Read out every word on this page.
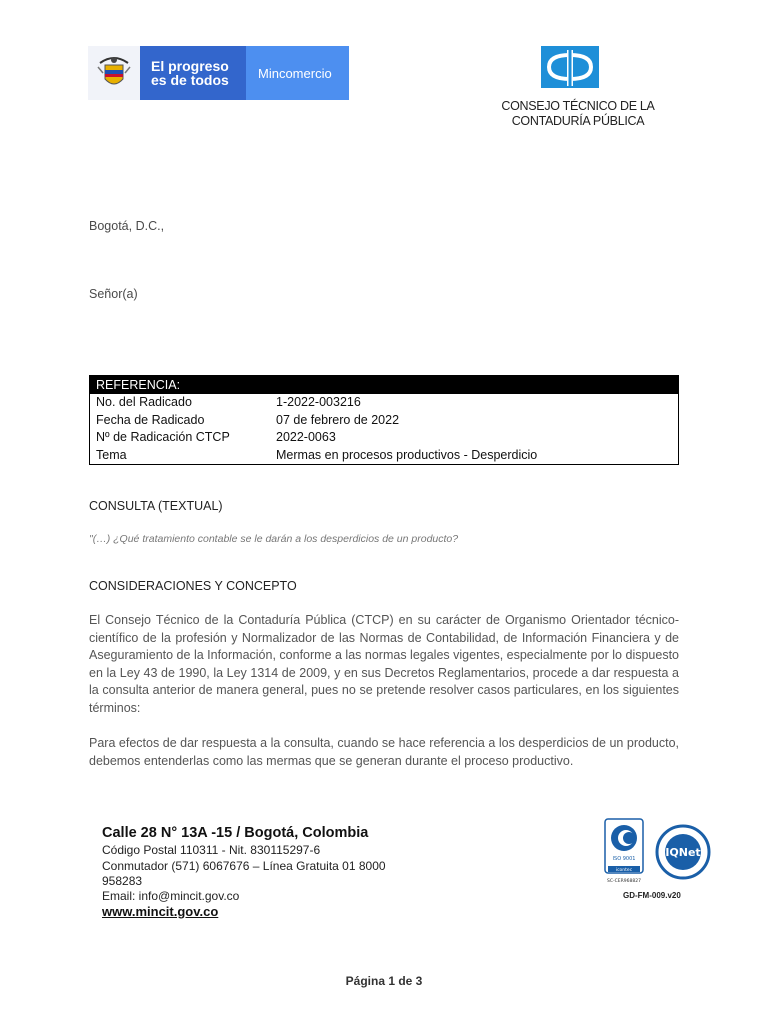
El progreso
es de todos	Mincomercio
CONSEJO TÉCNICO DE LA
CONTADURÍA PÚBLICA
Bogotá, D.C.,
Señor(a)
REFERENCIA:
No. del Radicado	1-2022-003216
Fecha de Radicado	07 de febrero de 2022
Nº de Radicación CTCP	2022-0063
Tema	Mermas en procesos productivos - Desperdicio
CONSULTA (TEXTUAL)
"(…) ¿Qué tratamiento contable se le darán a los desperdicios de un producto?
CONSIDERACIONES Y CONCEPTO
El Consejo Técnico de la Contaduría Pública (CTCP) en su carácter de Organismo Orientador técnico-científico de la profesión y Normalizador de las Normas de Contabilidad, de Información Financiera y de Aseguramiento de la Información, conforme a las normas legales vigentes, especialmente por lo dispuesto en la Ley 43 de 1990, la Ley 1314 de 2009, y en sus Decretos Reglamentarios, procede a dar respuesta a la consulta anterior de manera general, pues no se pretende resolver casos particulares, en los siguientes términos:
Para efectos de dar respuesta a la consulta, cuando se hace referencia a los desperdicios de un producto, debemos entenderlas como las mermas que se generan durante el proceso productivo.
Calle 28 N° 13A -15 / Bogotá, Colombia
Código Postal 110311 - Nit. 830115297-6
Conmutador (571) 6067676 – Línea Gratuita 01 8000
958283
Email: info@mincit.gov.co
www.mincit.gov.co
ISO 9001
icontec
SC-CER968827
IQNet
GD-FM-009.v20
Página 1 de 3
